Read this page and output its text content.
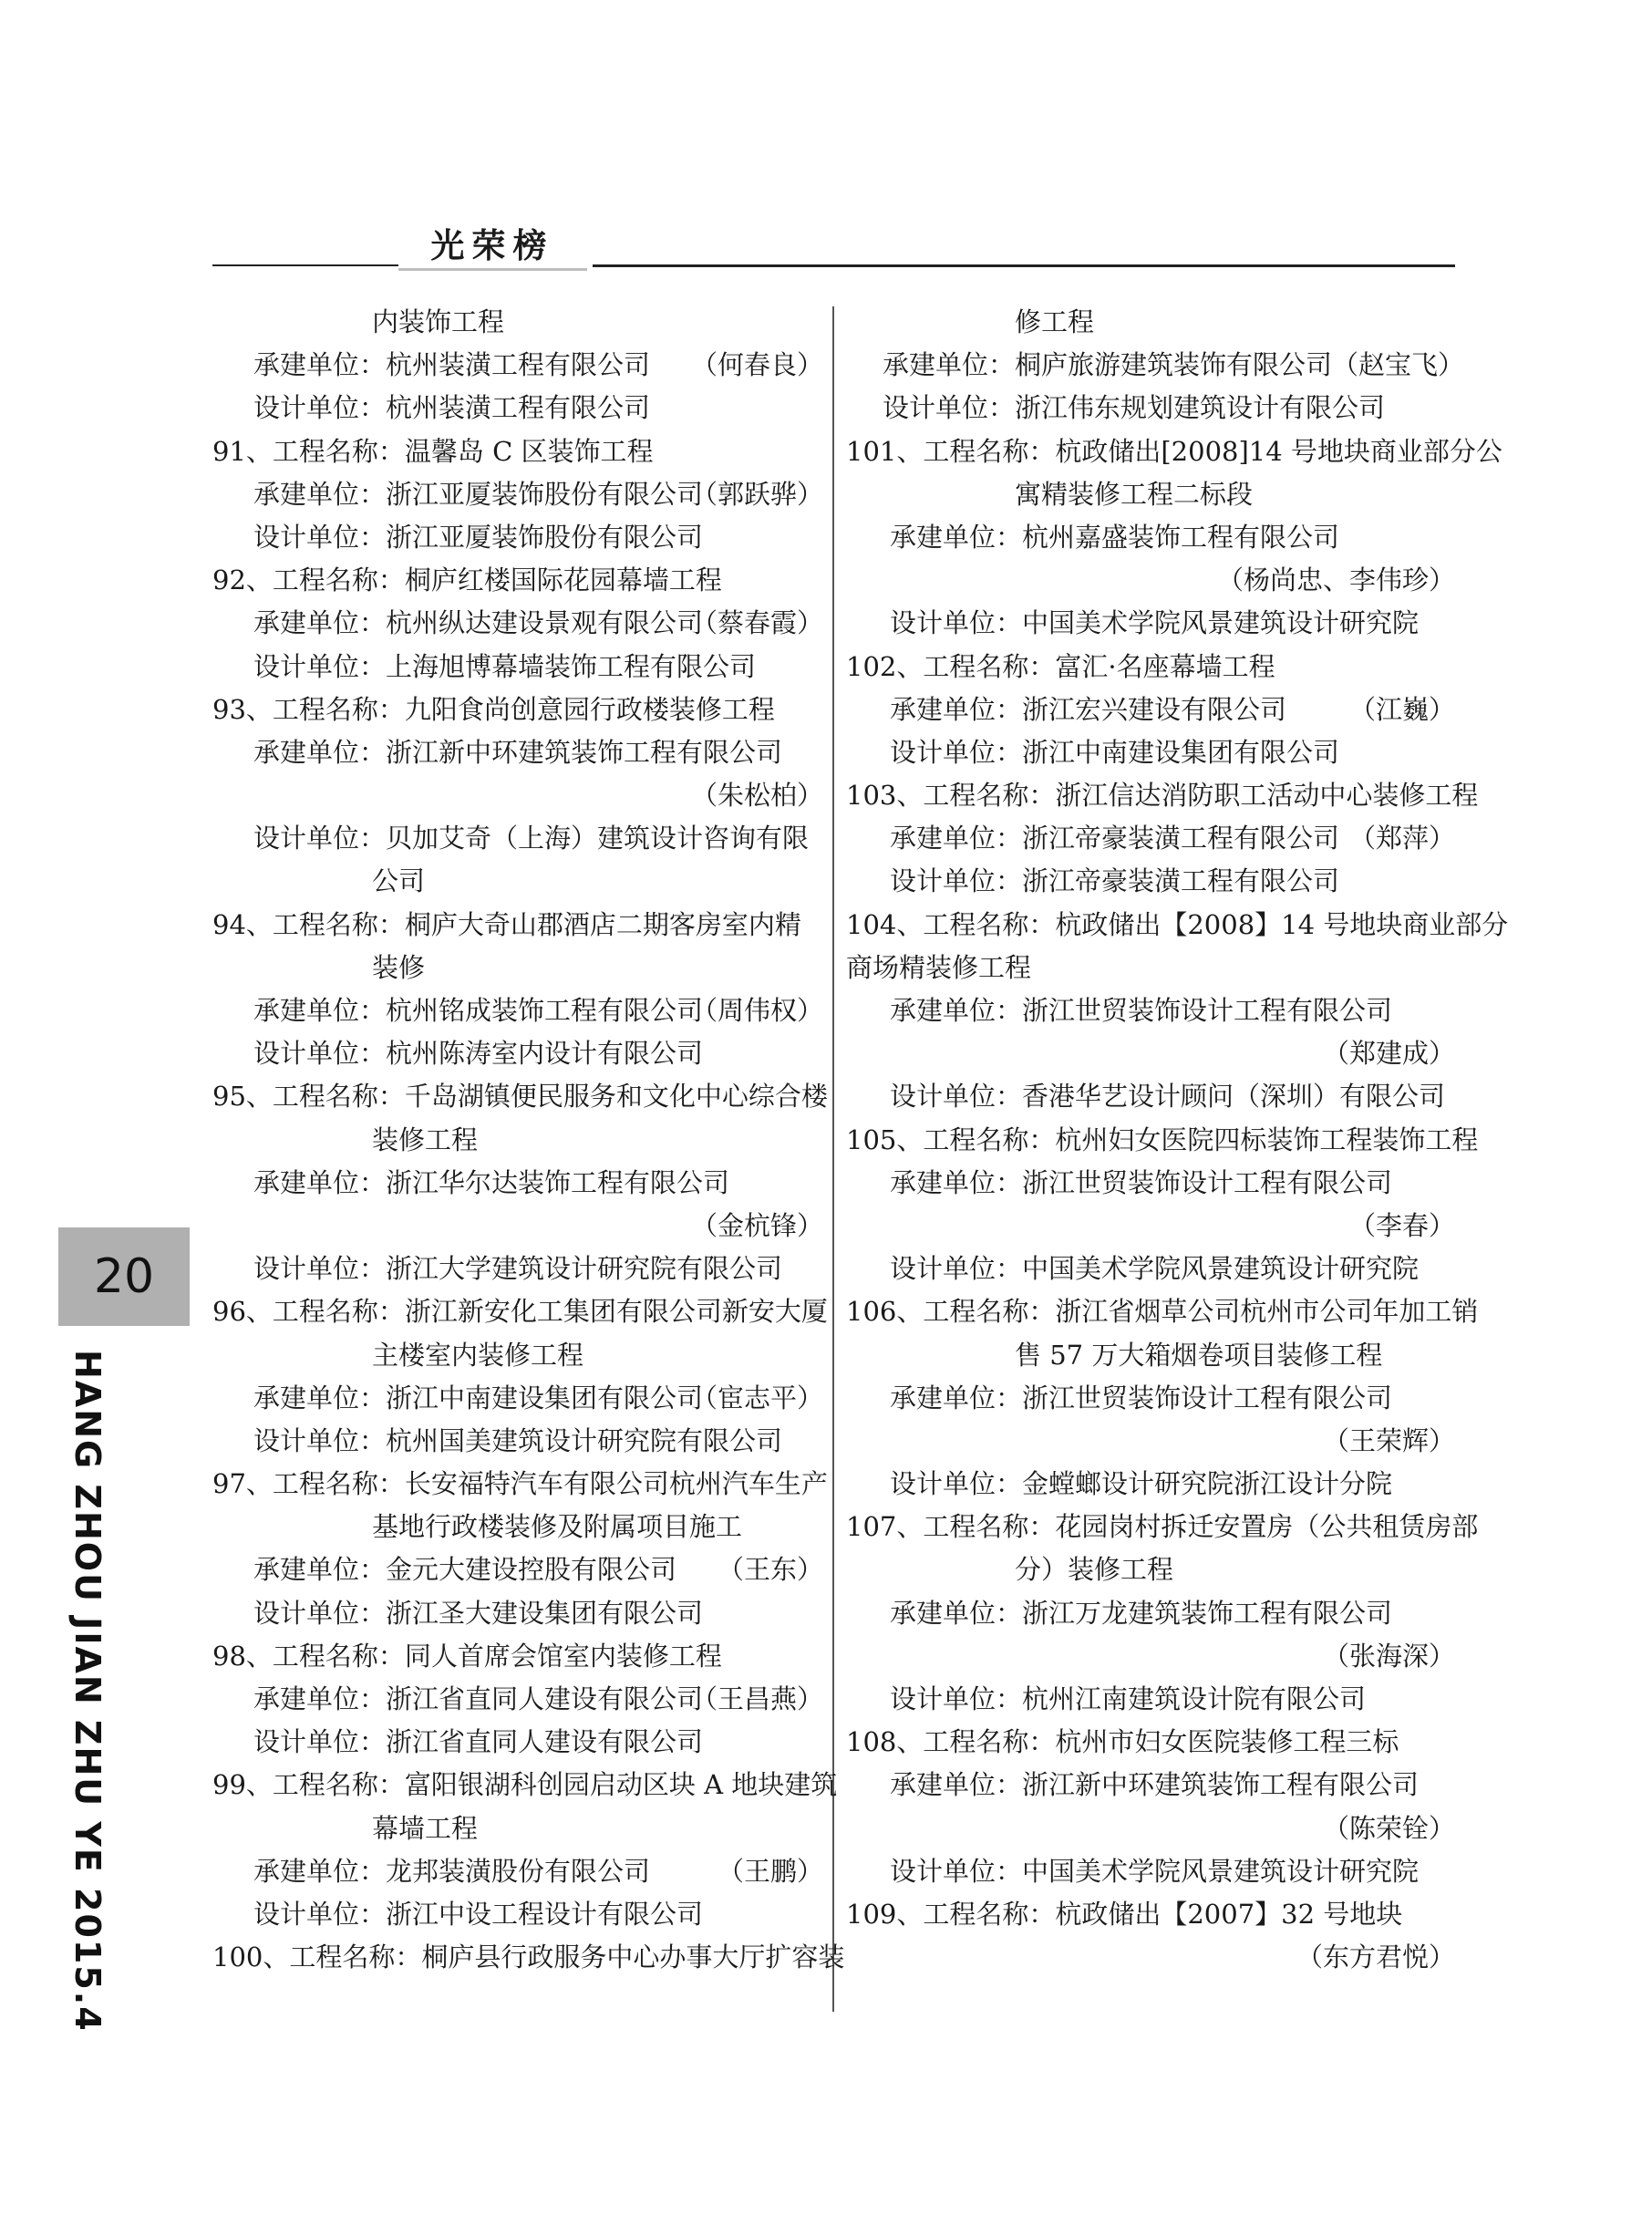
光荣榜
20
HANG ZHOU JIAN ZHU YE 2015.4
内装饰工程
承建单位：杭州装潢工程有限公司 （何春良）
设计单位：杭州装潢工程有限公司
91、工程名称：温馨岛 C 区装饰工程
承建单位：浙江亚厦装饰股份有限公司
（郭跃骅）
设计单位：浙江亚厦装饰股份有限公司
92、工程名称：桐庐红楼国际花园幕墙工程
承建单位：杭州纵达建设景观有限公司
（蔡春霞）
设计单位：上海旭博幕墙装饰工程有限公司
93、工程名称：九阳食尚创意园行政楼装修工程
承建单位：浙江新中环建筑装饰工程有限公司
（朱松柏）
设计单位：贝加艾奇（上海）建筑设计咨询有限
公司
94、工程名称：桐庐大奇山郡酒店二期客房室内精
装修
承建单位：杭州铭成装饰工程有限公司
（周伟权）
设计单位：杭州陈涛室内设计有限公司
95、工程名称：千岛湖镇便民服务和文化中心综合楼
装修工程
承建单位：浙江华尔达装饰工程有限公司
（金杭锋）
设计单位：浙江大学建筑设计研究院有限公司
96、工程名称：浙江新安化工集团有限公司新安大厦
主楼室内装修工程
承建单位：浙江中南建设集团有限公司
（宦志平）
设计单位：杭州国美建筑设计研究院有限公司
97、工程名称：长安福特汽车有限公司杭州汽车生产
基地行政楼装修及附属项目施工
承建单位：金元大建设控股有限公司 （王东）
设计单位：浙江圣大建设集团有限公司
98、工程名称：同人首席会馆室内装修工程
承建单位：浙江省直同人建设有限公司
（王昌燕）
设计单位：浙江省直同人建设有限公司
99、工程名称：富阳银湖科创园启动区块 A 地块建筑
幕墙工程
承建单位：龙邦装潢股份有限公司	（王鹏）
设计单位：浙江中设工程设计有限公司
100、工程名称：桐庐县行政服务中心办事大厅扩容装
修工程
承建单位：桐庐旅游建筑装饰有限公司（赵宝飞）
设计单位：浙江伟东规划建筑设计有限公司
101、工程名称：杭政储出[2008]14 号地块商业部分公
寓精装修工程二标段
承建单位：杭州嘉盛装饰工程有限公司
（杨尚忠、李伟珍）
设计单位：中国美术学院风景建筑设计研究院
102、工程名称：富汇·名座幕墙工程
承建单位：浙江宏兴建设有限公司 （江巍）
设计单位：浙江中南建设集团有限公司
103、工程名称：浙江信达消防职工活动中心装修工程
承建单位：浙江帝豪装潢工程有限公司 （郑萍）
设计单位：浙江帝豪装潢工程有限公司
104、工程名称：杭政储出【2008】14 号地块商业部分
商场精装修工程
承建单位：浙江世贸装饰设计工程有限公司
（郑建成）
设计单位：香港华艺设计顾问（深圳）有限公司
105、工程名称：杭州妇女医院四标装饰工程装饰工程
承建单位：浙江世贸装饰设计工程有限公司
（李春）
设计单位：中国美术学院风景建筑设计研究院
106、工程名称：浙江省烟草公司杭州市公司年加工销
售 57 万大箱烟卷项目装修工程
承建单位：浙江世贸装饰设计工程有限公司
（王荣辉）
设计单位：金螳螂设计研究院浙江设计分院
107、工程名称：花园岗村拆迁安置房（公共租赁房部
分）装修工程
承建单位：浙江万龙建筑装饰工程有限公司
（张海深）
设计单位：杭州江南建筑设计院有限公司
108、工程名称：杭州市妇女医院装修工程三标
承建单位：浙江新中环建筑装饰工程有限公司
（陈荣铨）
设计单位：中国美术学院风景建筑设计研究院
109、工程名称：杭政储出【2007】32 号地块
（东方君悦）
